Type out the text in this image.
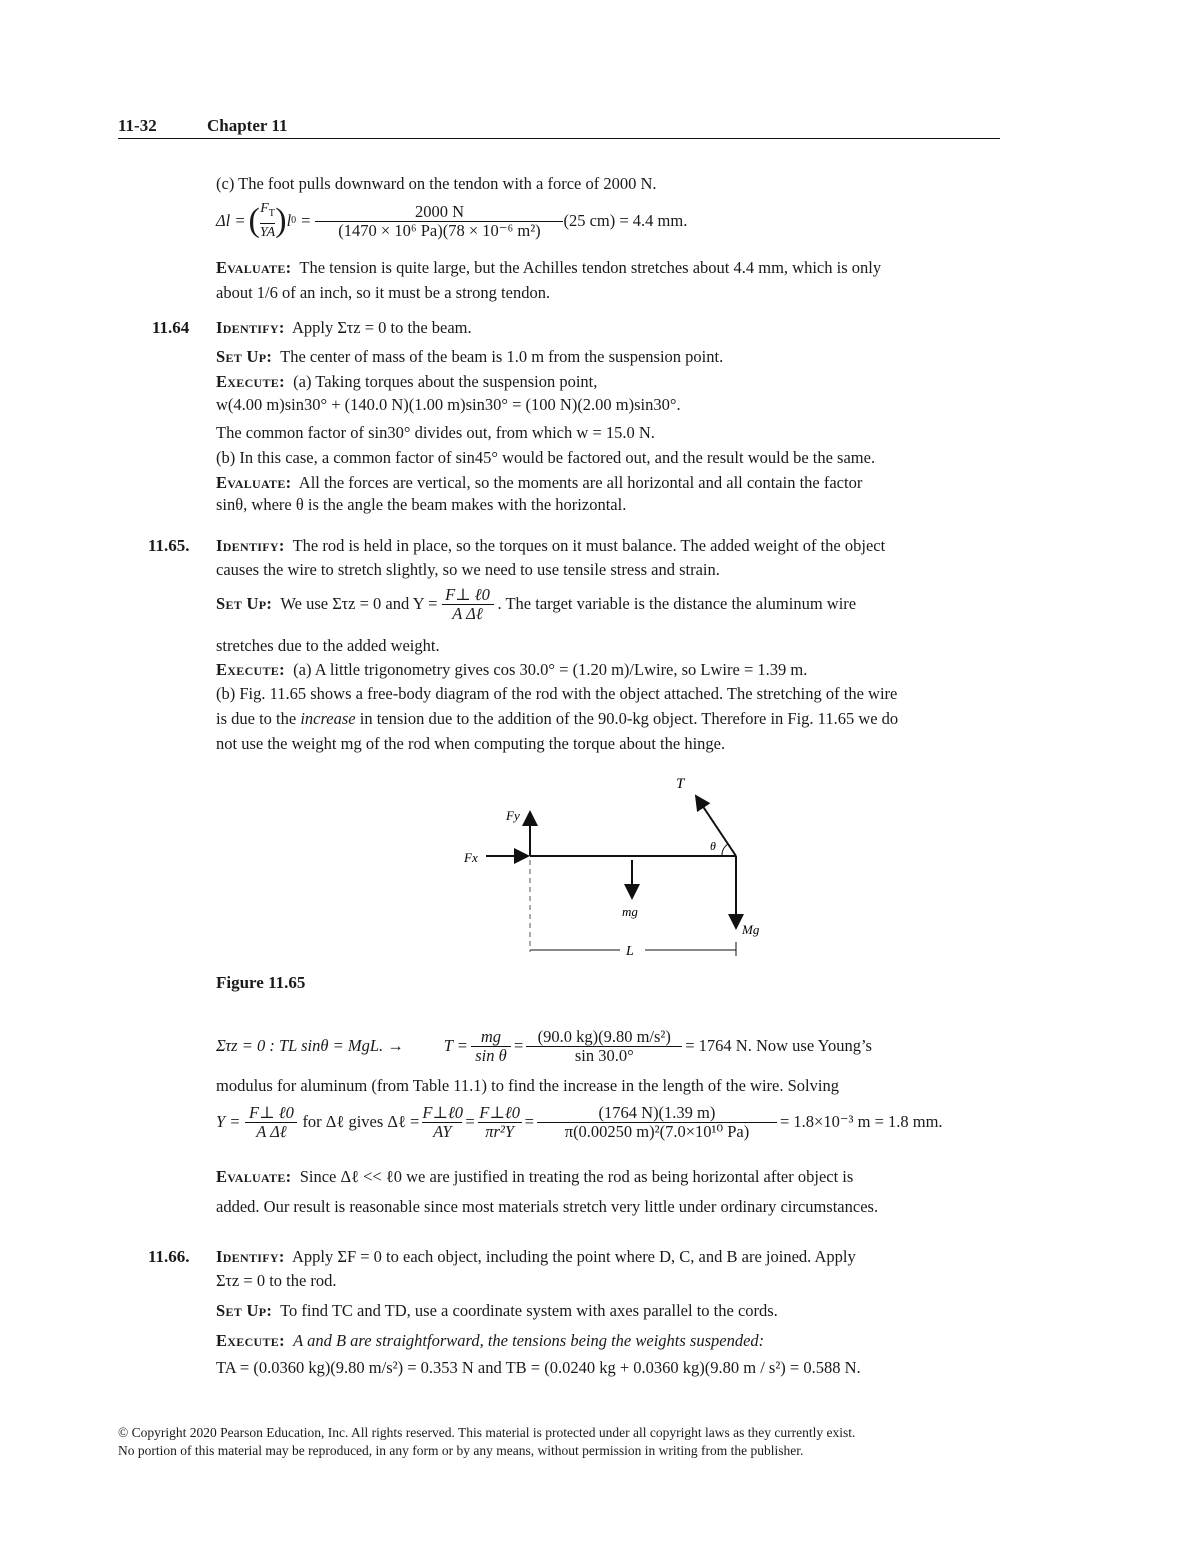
11-32	Chapter 11
(c) The foot pulls downward on the tendon with a force of 2000 N.
Δl = ( $\frac{F_T}{YA}$ ) l $0 = \frac{2000 N}{\text{(1470 × 10⁶ Pa)(78 × 10⁻⁶ m²)}} (25$ cm) = 4.4 mm.
Evaluate: The tension is quite large, but the Achilles tendon stretches about 4.4 mm, which is only
about 1/6 of an inch, so it must be a strong tendon.
11.64 Identify: Apply Στz = 0 to the beam.
Set Up: The center of mass of the beam is 1.0 m from the suspension point.
Execute: (a) Taking torques about the suspension point,
w(4.00 m)sin30° + (140.0 N)(1.00 m)sin30° = (100 N)(2.00 m)sin30°.
The common factor of sin30° divides out, from which w = 15.0 N.
(b) In this case, a common factor of sin45° would be factored out, and the result would be the same.
Evaluate: All the forces are vertical, so the moments are all horizontal and all contain the factor
sinθ, where θ is the angle the beam makes with the horizontal.
11.65. Identify: The rod is held in place, so the torques on it must balance. The added weight of the object
causes the wire to stretch slightly, so we need to use tensile stress and strain.
Set Up:
We use Στz = 0 and $Y = \frac{\text{F⊥ ℓ0}}{\text{A Δℓ}}$ . The target variable is the distance the aluminum wire
stretches due to the added weight.
Execute: (a) A little trigonometry gives cos 30.0° = (1.20 m)/Lwire, so Lwire = 1.39 m.
(b) Fig. 11.65 shows a free-body diagram of the rod with the object attached. The stretching of the wire
is due to the increase in tension due to the addition of the 90.0-kg object. Therefore in Fig. 11.65 we do
not use the weight mg of the rod when computing the torque about the hinge.
T
Fy
Fx
θ
mg
Mg
L
Figure 11.65
Στz = 0 : TL sinθ = MgL. → $T = \frac{mg}{\text{sin θ}} = \frac{\text{(90.0 kg)(9.80 m/s²)}}{\sin 30.0^\circ} = 1764$ N. Now use Young’s
modulus for aluminum (from Table 11.1) to find the increase in the length of the wire. Solving
$Y = \frac{\text{F⊥ ℓ0}}{\text{A Δℓ}}$ for Δℓ gives Δℓ = $\frac{\text{F⊥ℓ0}}{AY} = \frac{\text{F⊥ℓ0}}{\text{πr²Y}} = \frac{(1764 N)(1.39 m)}{\text{π(0.00250 m)²(7.0×10¹⁰ Pa)}} = 1.8\times 10^{-3}$ m = 1.8 mm.
Evaluate: Since Δℓ << ℓ0 we are justified in treating the rod as being horizontal after object is
added. Our result is reasonable since most materials stretch very little under ordinary circumstances.
11.66. Identify: Apply ΣF = 0 to each object, including the point where D, C, and B are joined. Apply
Στz = 0 to the rod.
Set Up: To find TC and TD, use a coordinate system with axes parallel to the cords.
Execute: A and B are straightforward, the tensions being the weights suspended:
TA = (0.0360 kg)(9.80 m/s²) = 0.353 N and TB = (0.0240 kg + 0.0360 kg)(9.80 m / s²) = 0.588 N.
© Copyright 2020 Pearson Education, Inc. All rights reserved. This material is protected under all copyright laws as they currently exist.
No portion of this material may be reproduced, in any form or by any means, without permission in writing from the publisher.
